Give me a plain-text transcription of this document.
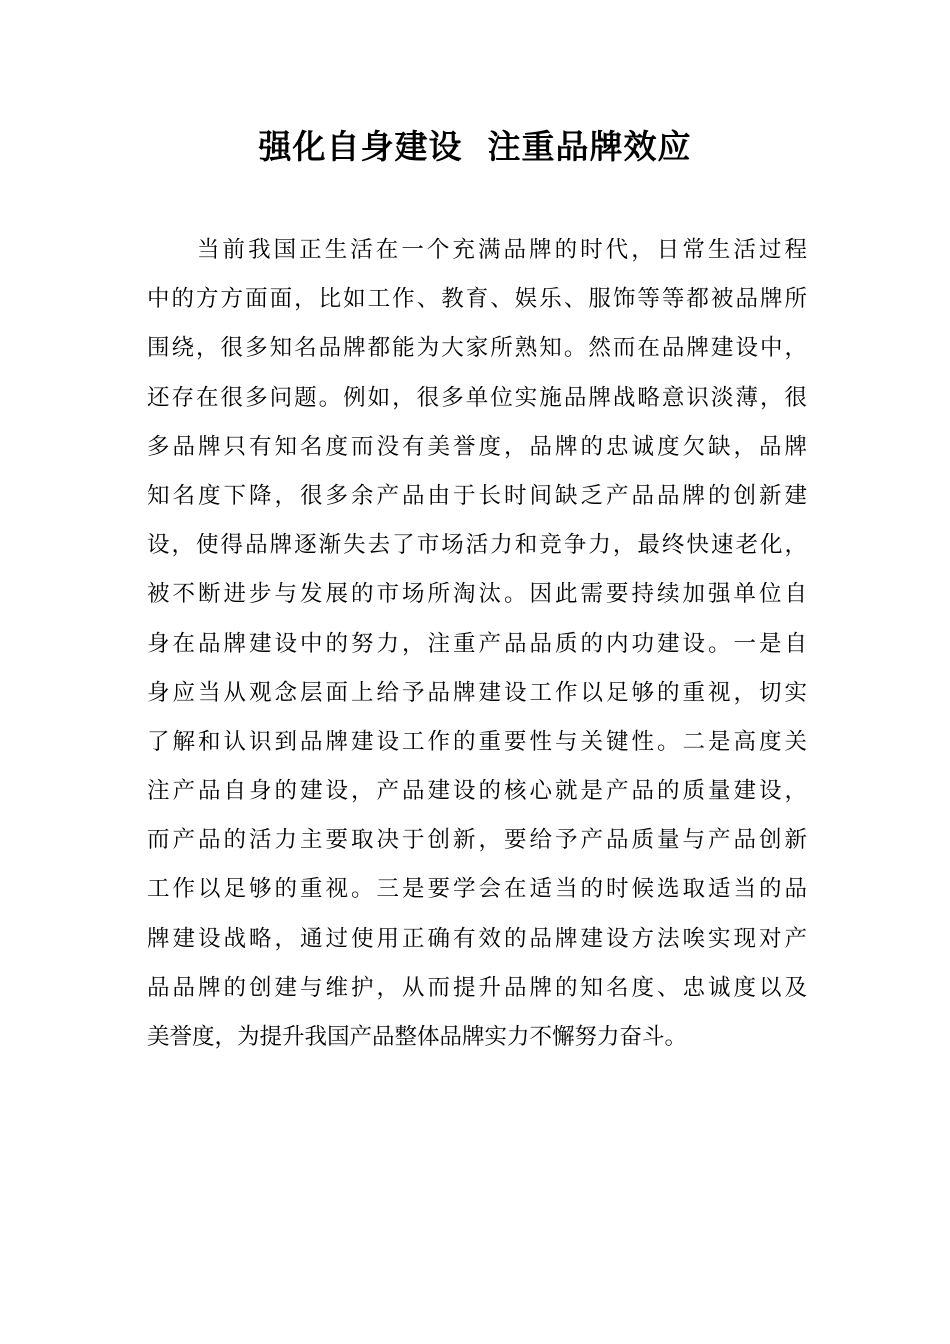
强化自身建设  注重品牌效应
当前我国正生活在一个充满品牌的时代，日常生活过程
中的方方面面，比如工作、教育、娱乐、服饰等等都被品牌所
围绕，很多知名品牌都能为大家所熟知。然而在品牌建设中，
还存在很多问题。例如，很多单位实施品牌战略意识淡薄，很
多品牌只有知名度而没有美誉度，品牌的忠诚度欠缺，品牌
知名度下降，很多余产品由于长时间缺乏产品品牌的创新建
设，使得品牌逐渐失去了市场活力和竞争力，最终快速老化，
被不断进步与发展的市场所淘汰。因此需要持续加强单位自
身在品牌建设中的努力，注重产品品质的内功建设。一是自
身应当从观念层面上给予品牌建设工作以足够的重视，切实
了解和认识到品牌建设工作的重要性与关键性。二是高度关
注产品自身的建设，产品建设的核心就是产品的质量建设，
而产品的活力主要取决于创新，要给予产品质量与产品创新
工作以足够的重视。三是要学会在适当的时候选取适当的品
牌建设战略，通过使用正确有效的品牌建设方法唉实现对产
品品牌的创建与维护，从而提升品牌的知名度、忠诚度以及
美誉度，为提升我国产品整体品牌实力不懈努力奋斗。
